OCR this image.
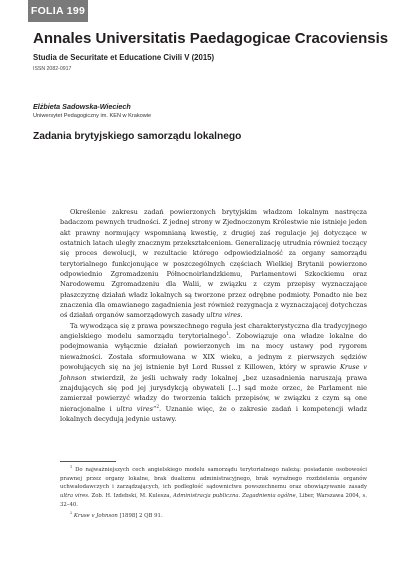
FOLIA 199
Annales Universitatis Paedagogicae Cracoviensis
Studia de Securitate et Educatione Civili V (2015)
ISSN 2082-0917
Elżbieta Sadowska-Wieciech
Uniwersytet Pedagogiczny im. KEN w Krakowie
Zadania brytyjskiego samorządu lokalnego

Określenie zakresu zadań powierzonych brytyjskim władzom lokalnym nastręcza badaczom pewnych trudności. Z jednej strony w Zjednoczonym Królestwie nie istnieje jeden akt prawny normujący wspomnianą kwestię, z drugiej zaś regulacje jej dotyczące w ostatnich latach uległy znacznym przekształceniom. Generalizację utrudnia również toczący się proces dewolucji, w rezultacie którego odpowiedzialność za organy samorządu terytorialnego funkcjonujące w poszczególnych częściach Wielkiej Brytanii powierzono odpowiednio Zgromadzeniu Północnoirlandzkiemu, Parlamentowi Szkockiemu oraz Narodowemu Zgromadzeniu dla Walii, w związku z czym przepisy wyznaczające płaszczyznę działań władz lokalnych są tworzone przez odrębne podmioty. Ponadto nie bez znaczenia dla omawianego zagadnienia jest również rezygnacja z wyznaczającej dotychczas oś działań organów samorządowych zasady ultra vires.

Ta wywodząca się z prawa powszechnego reguła jest charakterystyczna dla tradycyjnego angielskiego modelu samorządu terytorialnego$^1$. Zobowiązuje ona władze lokalne do podejmowania wyłącznie działań powierzonych im na mocy ustawy pod rygorem nieważności. Została sformułowana w XIX wieku, a jednym z pierwszych sędziów powołujących się na jej istnienie był Lord Russel z Killowen, który w sprawie Kruse v Johnson stwierdził, że jeśli uchwały rady lokalnej „bez uzasadnienia naruszają prawa znajdujących się pod jej jurysdykcją obywateli [...] sąd może orzec, że Parlament nie zamierzał powierzyć władzy do tworzenia takich przepisów, w związku z czym są one nieracjonalne i ultra vires”$^2$. Uznanie więc, że o zakresie zadań i kompetencji władz lokalnych decydują jedynie ustawy.

$^1$ Do najważniejszych cech angielskiego modelu samorządu terytorialnego należą: posiadanie osobowości prawnej przez organy lokalne, brak dualizmu administracyjnego, brak wyraźnego rozdzielenia organów uchwałodawczych i zarządzających, ich podległość sądownictwu powszechnemu oraz obowiązywanie zasady ultra vires. Zob. H. Izdebski, M. Kulesza, Administracja publiczna. Zagadnienia ogólne, Liber, Warszawa 2004, s. 32–40.

$^2$ Kruse v Johnson [1898] 2 QB 91.
